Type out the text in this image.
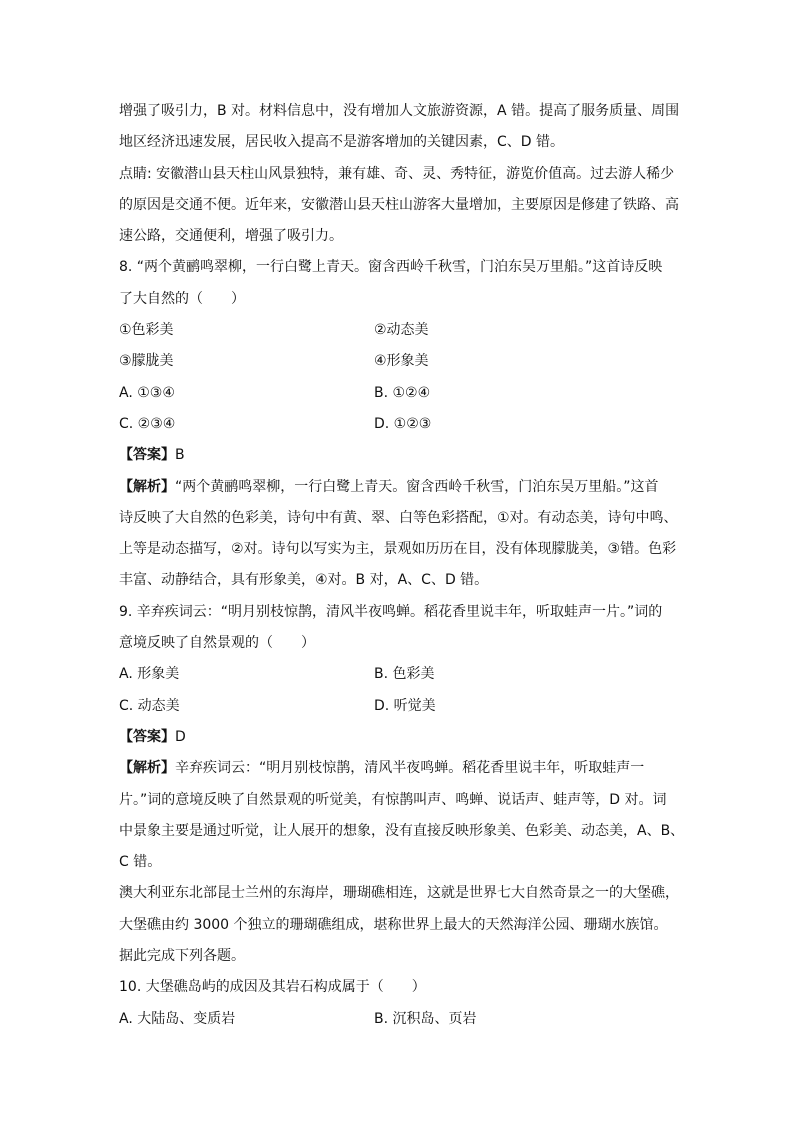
增强了吸引力，B 对。材料信息中，没有增加人文旅游资源，A 错。提高了服务质量、周围
地区经济迅速发展，居民收入提高不是游客增加的关键因素，C、D 错。
点睛: 安徽潜山县天柱山风景独特，兼有雄、奇、灵、秀特征，游览价值高。过去游人稀少
的原因是交通不便。近年来，安徽潜山县天柱山游客大量增加，主要原因是修建了铁路、高
速公路，交通便利，增强了吸引力。
8. “两个黄鹂鸣翠柳，一行白鹭上青天。窗含西岭千秋雪，门泊东吴万里船。”这首诗反映
了大自然的（　　）
①色彩美	②动态美
③朦胧美	④形象美
A. ①③④	B. ①②④
C. ②③④	D. ①②③
【答案】B
【解析】“两个黄鹂鸣翠柳，一行白鹭上青天。窗含西岭千秋雪，门泊东吴万里船。”这首
诗反映了大自然的色彩美，诗句中有黄、翠、白等色彩搭配，①对。有动态美，诗句中鸣、
上等是动态描写，②对。诗句以写实为主，景观如历历在目，没有体现朦胧美，③错。色彩
丰富、动静结合，具有形象美，④对。B 对，A、C、D 错。
9. 辛弃疾词云：“明月别枝惊鹊，清风半夜鸣蝉。稻花香里说丰年，听取蛙声一片。”词的
意境反映了自然景观的（　　）
A. 形象美	B. 色彩美
C. 动态美	D. 听觉美
【答案】D
【解析】辛弃疾词云：“明月别枝惊鹊，清风半夜鸣蝉。稻花香里说丰年，听取蛙声一
片。”词的意境反映了自然景观的听觉美，有惊鹊叫声、鸣蝉、说话声、蛙声等，D 对。词
中景象主要是通过听觉，让人展开的想象，没有直接反映形象美、色彩美、动态美，A、B、
C 错。
澳大利亚东北部昆士兰州的东海岸，珊瑚礁相连，这就是世界七大自然奇景之一的大堡礁，
大堡礁由约 3000 个独立的珊瑚礁组成，堪称世界上最大的天然海洋公园、珊瑚水族馆。
据此完成下列各题。
10. 大堡礁岛屿的成因及其岩石构成属于（　　）
A. 大陆岛、变质岩	B. 沉积岛、页岩
